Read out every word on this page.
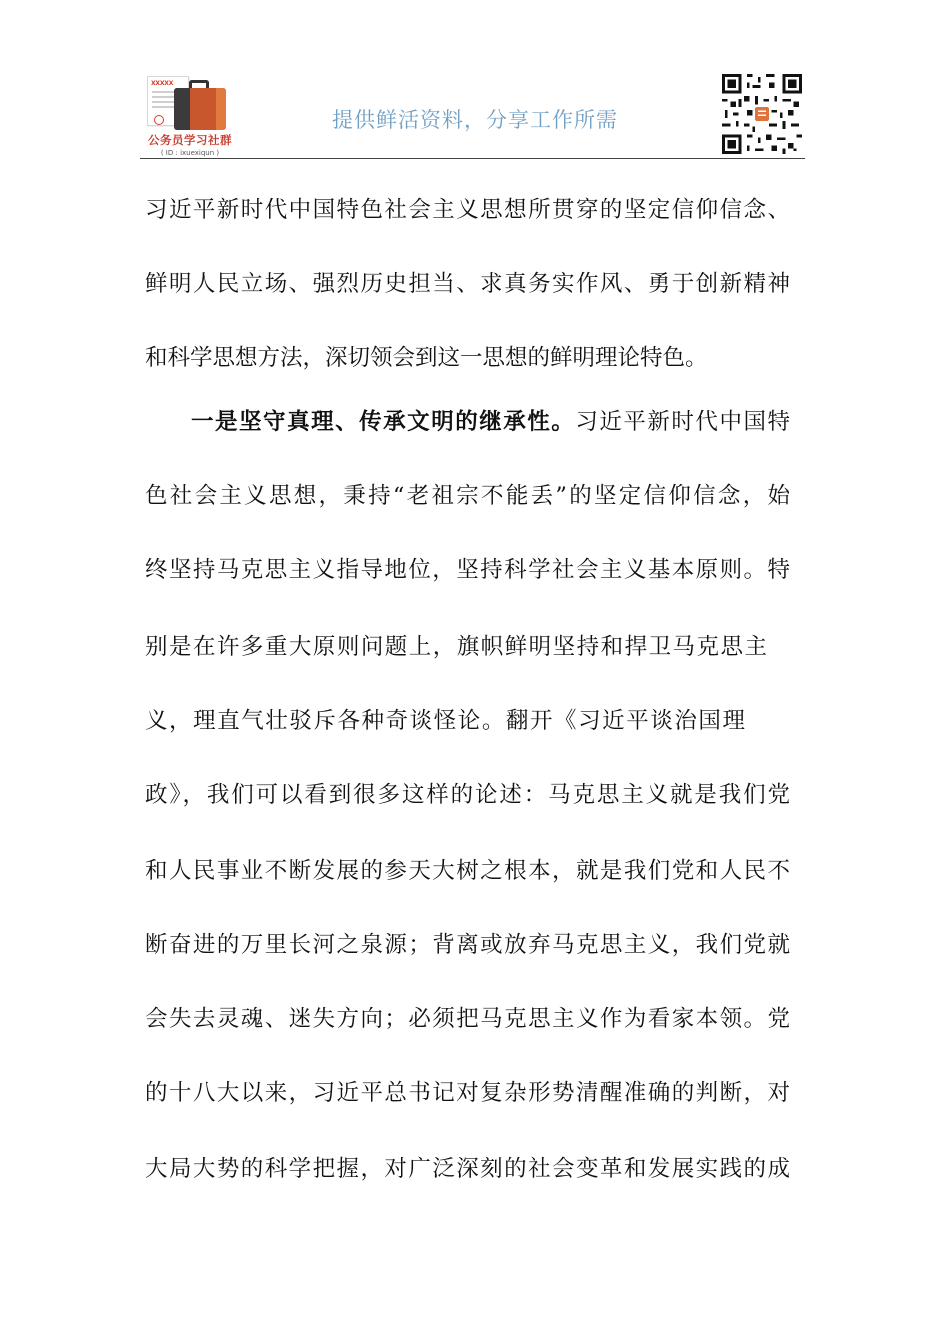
XXXXX
公务员学习社群
( ID : ixuexiqun )
提供鲜活资料，分享工作所需
习近平新时代中国特色社会主义思想所贯穿的坚定信仰信念、
鲜明人民立场、强烈历史担当、求真务实作风、勇于创新精神
和科学思想方法，深切领会到这一思想的鲜明理论特色。
一是坚守真理、传承文明的继承性。习近平新时代中国特
色社会主义思想，秉持“老祖宗不能丢”的坚定信仰信念，始
终坚持马克思主义指导地位，坚持科学社会主义基本原则。特
别是在许多重大原则问题上，旗帜鲜明坚持和捍卫马克思主
义，理直气壮驳斥各种奇谈怪论。翻开《习近平谈治国理
政》，我们可以看到很多这样的论述：马克思主义就是我们党
和人民事业不断发展的参天大树之根本，就是我们党和人民不
断奋进的万里长河之泉源；背离或放弃马克思主义，我们党就
会失去灵魂、迷失方向；必须把马克思主义作为看家本领。党
的十八大以来，习近平总书记对复杂形势清醒准确的判断，对
大局大势的科学把握，对广泛深刻的社会变革和发展实践的成
